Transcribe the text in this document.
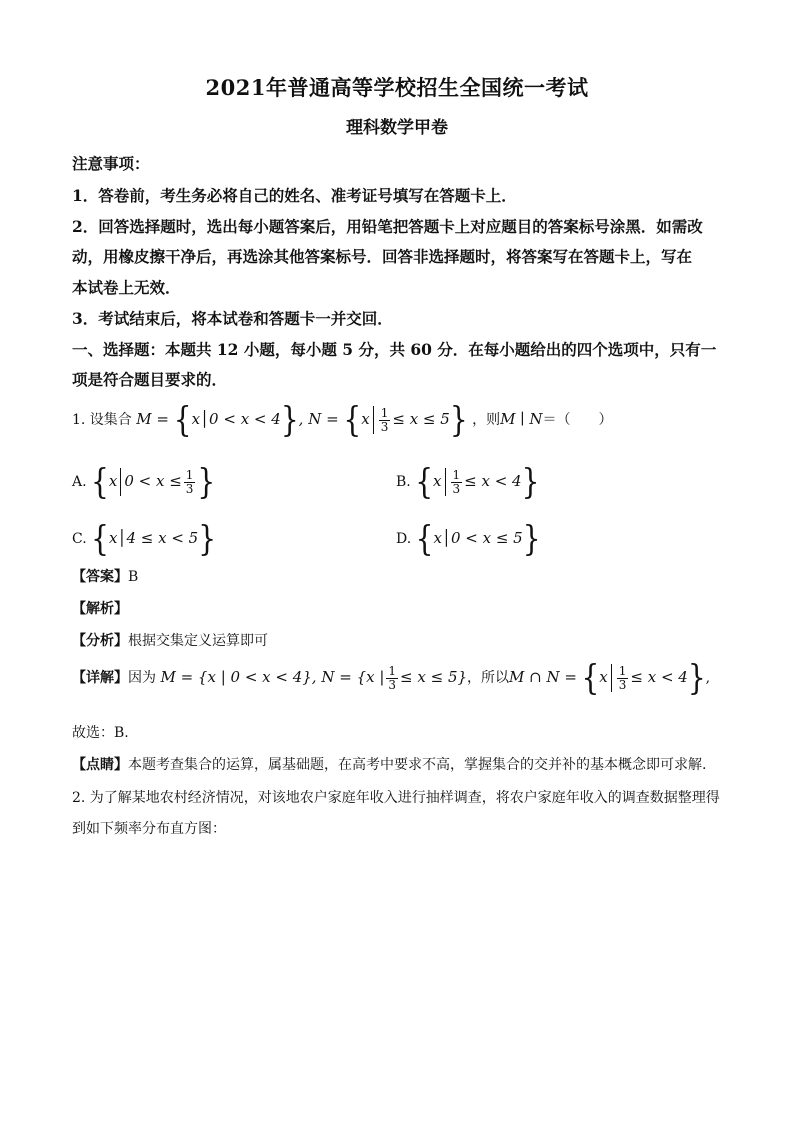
2021年普通高等学校招生全国统一考试
理科数学甲卷
注意事项：
1．答卷前，考生务必将自己的姓名、准考证号填写在答题卡上．
2．回答选择题时，选出每小题答案后，用铅笔把答题卡上对应题目的答案标号涂黑．如需改
动，用橡皮擦干净后，再选涂其他答案标号．回答非选择题时，将答案写在答题卡上，写在
本试卷上无效．
3．考试结束后，将本试卷和答题卡一并交回．
一、选择题：本题共 12 小题，每小题 5 分，共 60 分．在每小题给出的四个选项中，只有一
项是符合题目要求的．
1. 设集合 M = {x│0 < x < 4}, $N = \{x \frac{1}{3} \le x \le 5\}$ ，则M ∣ N＝（　　）
A. {x $0 < x \le \frac{1}{3}$ }	B. $\{x \frac{1}{3} \le x < 4\}$
C. {x│4 ≤ x < 5}	D. {x│0 < x ≤ 5}
【答案】B
【解析】
【分析】根据交集定义运算即可
【详解】因为 M = {x | 0 < x < 4}, N = {x | $\frac{1}{3} \le x \le 5$}，所以M ∩ $N = \{x \frac{1}{3} \le x < 4\}$,
故选：B.
【点睛】本题考查集合的运算，属基础题，在高考中要求不高，掌握集合的交并补的基本概念即可求解.
2. 为了解某地农村经济情况，对该地农户家庭年收入进行抽样调查，将农户家庭年收入的调查数据整理得
到如下频率分布直方图：
